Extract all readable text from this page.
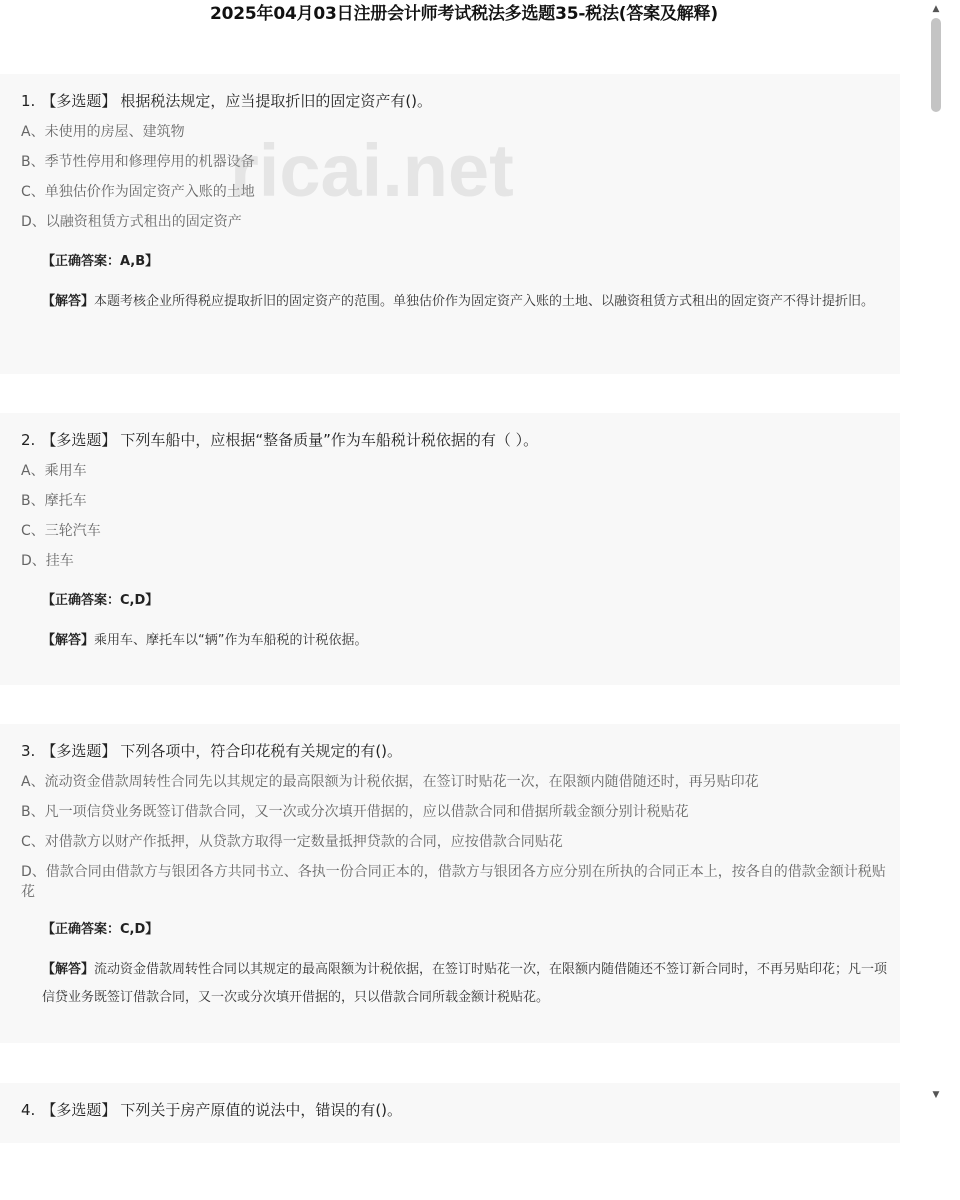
2025年04月03日注册会计师考试税法多选题35-税法(答案及解释)
1. 【多选题】 根据税法规定，应当提取折旧的固定资产有()。
A、未使用的房屋、建筑物
B、季节性停用和修理停用的机器设备
C、单独估价作为固定资产入账的土地
D、以融资租赁方式租出的固定资产
【正确答案：A,B】
【解答】本题考核企业所得税应提取折旧的固定资产的范围。单独估价作为固定资产入账的土地、以融资租赁方式租出的固定资产不得计提折旧。
2. 【多选题】 下列车船中，应根据“整备质量”作为车船税计税依据的有（ ）。
A、乘用车
B、摩托车
C、三轮汽车
D、挂车
【正确答案：C,D】
【解答】乘用车、摩托车以“辆”作为车船税的计税依据。
3. 【多选题】 下列各项中，符合印花税有关规定的有()。
A、流动资金借款周转性合同先以其规定的最高限额为计税依据，在签订时贴花一次，在限额内随借随还时，再另贴印花
B、凡一项信贷业务既签订借款合同，又一次或分次填开借据的，应以借款合同和借据所载金额分别计税贴花
C、对借款方以财产作抵押，从贷款方取得一定数量抵押贷款的合同，应按借款合同贴花
D、借款合同由借款方与银团各方共同书立、各执一份合同正本的，借款方与银团各方应分别在所执的合同正本上，按各自的借款金额计税贴花
【正确答案：C,D】
【解答】流动资金借款周转性合同以其规定的最高限额为计税依据，在签订时贴花一次，在限额内随借随还不签订新合同时，不再另贴印花；凡一项信贷业务既签订借款合同，又一次或分次填开借据的，只以借款合同所载金额计税贴花。
4. 【多选题】 下列关于房产原值的说法中，错误的有()。
ricai.net
▲
▼
